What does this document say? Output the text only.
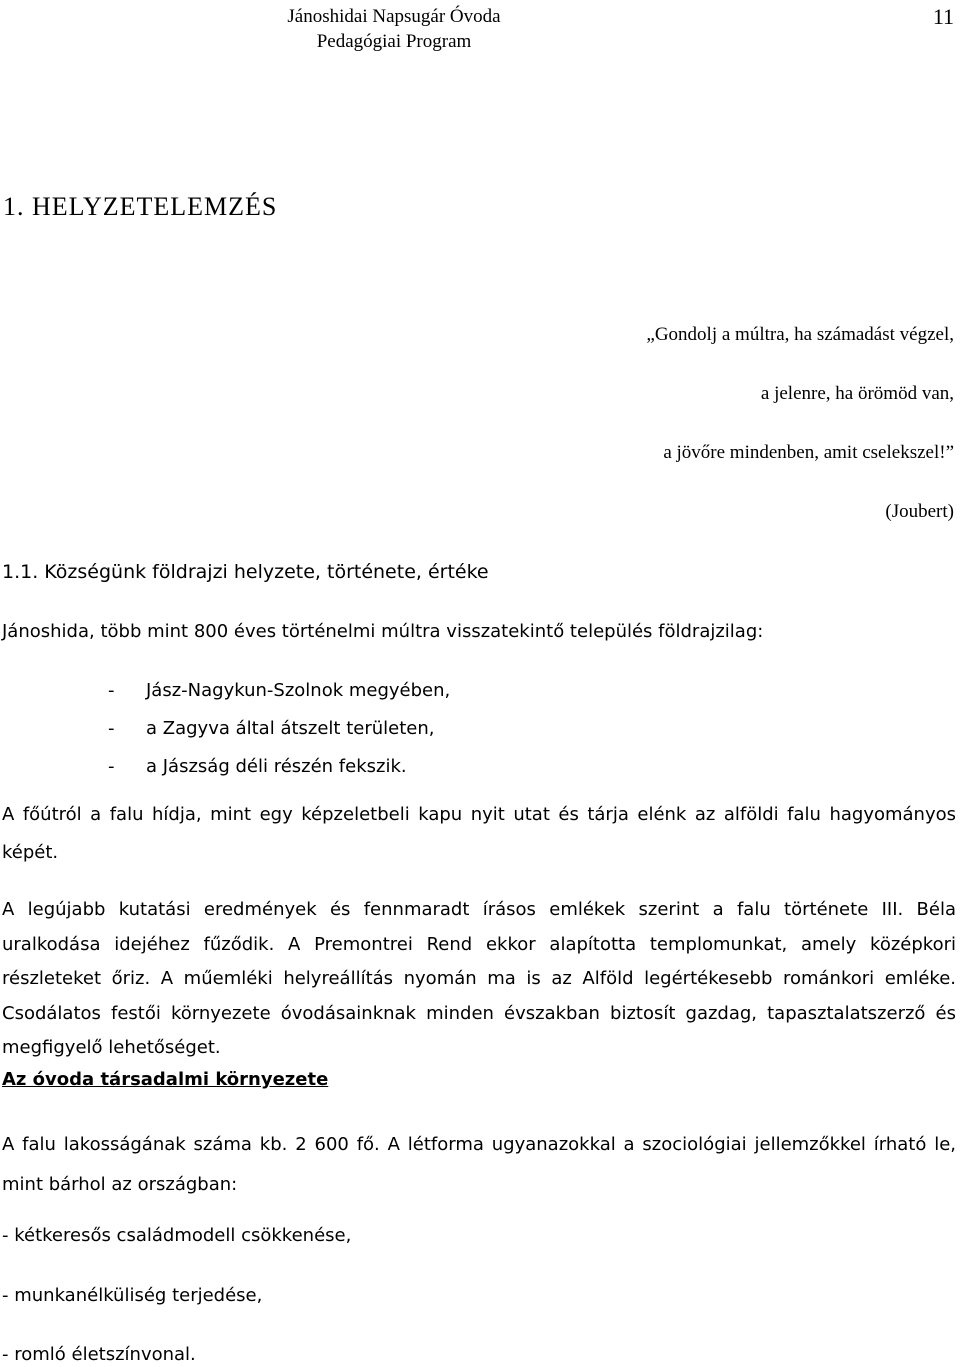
Jánoshidai Napsugár Óvoda
Pedagógiai Program
11
1. HELYZETELEMZÉS
„Gondolj a múltra, ha számadást végzel,
a jelenre, ha örömöd van,
a jövőre mindenben, amit cselekszel!”
(Joubert)
1.1. Községünk földrajzi helyzete, története, értéke
Jánoshida, több mint 800 éves történelmi múltra visszatekintő település földrajzilag:
- Jász-Nagykun-Szolnok megyében,
- a Zagyva által átszelt területen,
- a Jászság déli részén fekszik.
A főútról a falu hídja, mint egy képzeletbeli kapu nyit utat és tárja elénk az alföldi falu hagyományos képét.
A legújabb kutatási eredmények és fennmaradt írásos emlékek szerint a falu története III. Béla uralkodása idejéhez fűződik. A Premontrei Rend ekkor alapította templomunkat, amely középkori részleteket őriz. A műemléki helyreállítás nyomán ma is az Alföld legértékesebb románkori emléke. Csodálatos festői környezete óvodásainknak minden évszakban biztosít gazdag, tapasztalatszerző és megfigyelő lehetőséget.
Az óvoda társadalmi környezete
A falu lakosságának száma kb. 2 600 fő. A létforma ugyanazokkal a szociológiai jellemzőkkel írható le, mint bárhol az országban:
- kétkeresős családmodell csökkenése,
- munkanélküliség terjedése,
- romló életszínvonal.
